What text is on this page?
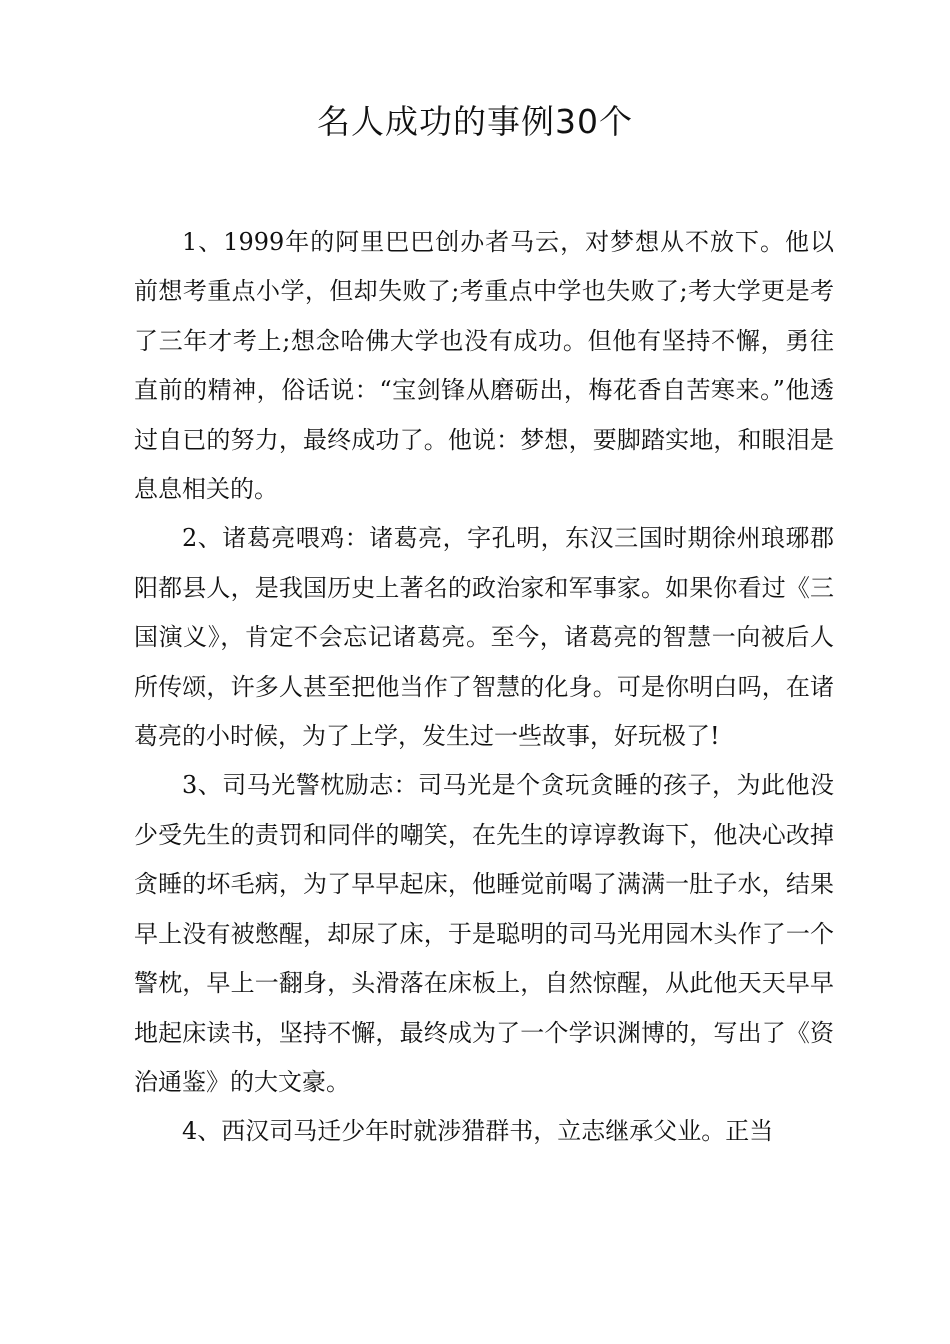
名人成功的事例30个

1、1999年的阿里巴巴创办者马云，对梦想从不放下。他以前想考重点小学，但却失败了;考重点中学也失败了;考大学更是考了三年才考上;想念哈佛大学也没有成功。但他有坚持不懈，勇往直前的精神，俗话说：“宝剑锋从磨砺出，梅花香自苦寒来。”他透过自已的努力，最终成功了。他说：梦想，要脚踏实地，和眼泪是息息相关的。

2、诸葛亮喂鸡：诸葛亮，字孔明，东汉三国时期徐州琅琊郡阳都县人，是我国历史上著名的政治家和军事家。如果你看过《三国演义》，肯定不会忘记诸葛亮。至今，诸葛亮的智慧一向被后人所传颂，许多人甚至把他当作了智慧的化身。可是你明白吗，在诸葛亮的小时候，为了上学，发生过一些故事，好玩极了!

3、司马光警枕励志：司马光是个贪玩贪睡的孩子，为此他没少受先生的责罚和同伴的嘲笑，在先生的谆谆教诲下，他决心改掉贪睡的坏毛病，为了早早起床，他睡觉前喝了满满一肚子水，结果早上没有被憋醒，却尿了床，于是聪明的司马光用园木头作了一个警枕，早上一翻身，头滑落在床板上，自然惊醒，从此他天天早早地起床读书，坚持不懈，最终成为了一个学识渊博的，写出了《资治通鉴》的大文豪。

4、西汉司马迁少年时就涉猎群书，立志继承父业。正当
